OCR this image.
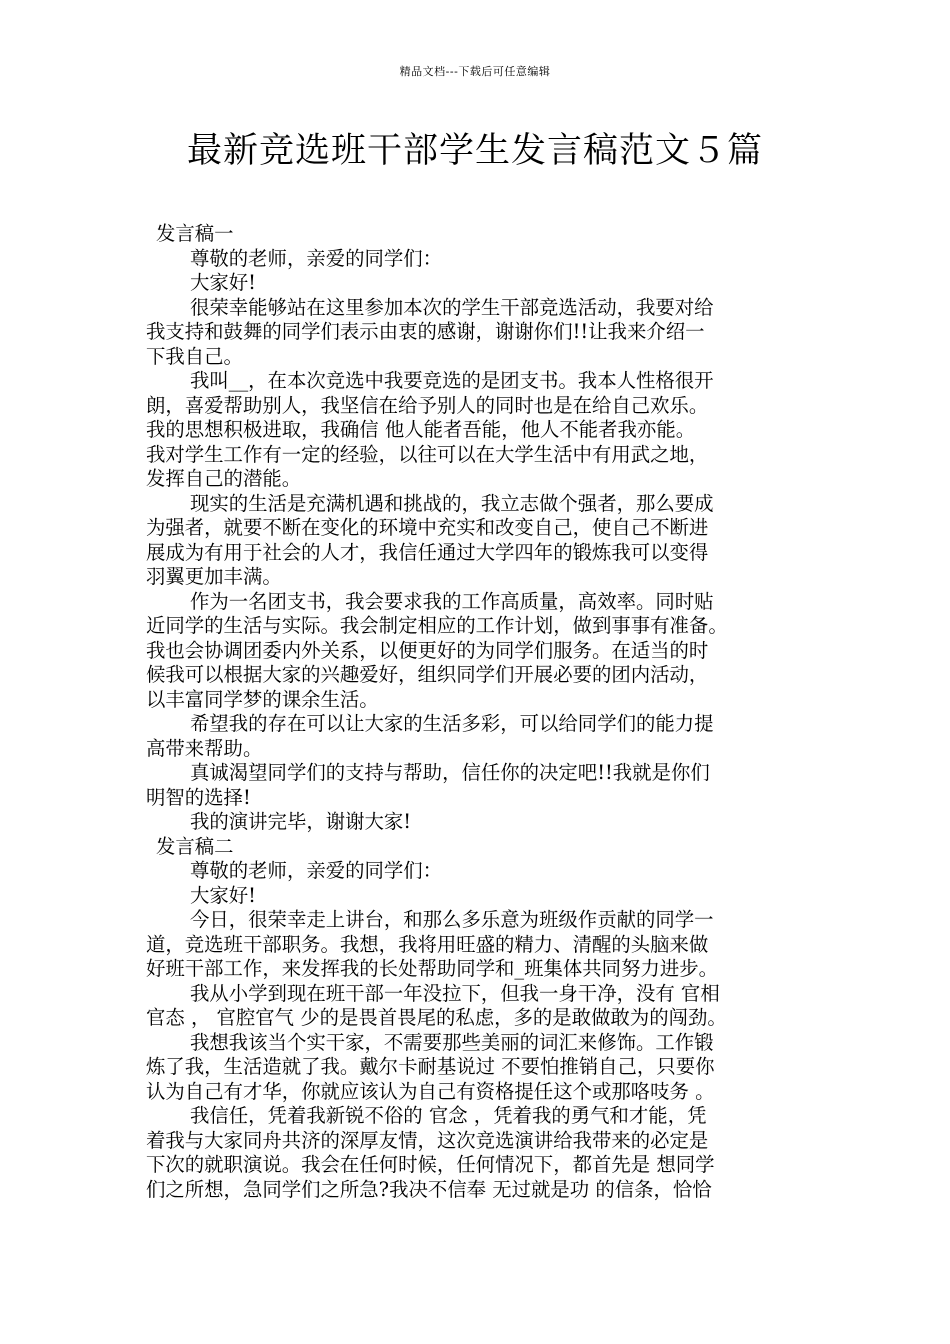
精品文档---下载后可任意编辑
最新竞选班干部学生发言稿范文５篇

发言稿一

尊敬的老师，亲爱的同学们：

大家好!

很荣幸能够站在这里参加本次的学生干部竞选活动，我要对给

我支持和鼓舞的同学们表示由衷的感谢，谢谢你们!!让我来介绍一

下我自己。

我叫__，在本次竞选中我要竞选的是团支书。我本人性格很开

朗，喜爱帮助别人，我坚信在给予别人的同时也是在给自己欢乐。

我的思想积极进取，我确信 他人能者吾能，他人不能者我亦能。

我对学生工作有一定的经验，以往可以在大学生活中有用武之地，

发挥自己的潜能。

现实的生活是充满机遇和挑战的，我立志做个强者，那么要成

为强者，就要不断在变化的环境中充实和改变自己，使自己不断进

展成为有用于社会的人才，我信任通过大学四年的锻炼我可以变得

羽翼更加丰满。

作为一名团支书，我会要求我的工作高质量，高效率。同时贴

近同学的生活与实际。我会制定相应的工作计划，做到事事有准备。

我也会协调团委内外关系，以便更好的为同学们服务。在适当的时

候我可以根据大家的兴趣爱好，组织同学们开展必要的团内活动，

以丰富同学梦的课余生活。

希望我的存在可以让大家的生活多彩，可以给同学们的能力提

高带来帮助。

真诚渴望同学们的支持与帮助，信任你的决定吧!!我就是你们

明智的选择!

我的演讲完毕，谢谢大家!

发言稿二

尊敬的老师，亲爱的同学们：

大家好!

今日，很荣幸走上讲台，和那么多乐意为班级作贡献的同学一

道，竞选班干部职务。我想，我将用旺盛的精力、清醒的头脑来做

好班干部工作，来发挥我的长处帮助同学和_班集体共同努力进步。

我从小学到现在班干部一年没拉下，但我一身干净，没有 官相

官态 ， 官腔官气 少的是畏首畏尾的私虑，多的是敢做敢为的闯劲。

我想我该当个实干家，不需要那些美丽的词汇来修饰。工作锻

炼了我，生活造就了我。戴尔卡耐基说过 不要怕推销自己，只要你

认为自己有才华，你就应该认为自己有资格提任这个或那咯吱务 。

我信任，凭着我新锐不俗的 官念 ，凭着我的勇气和才能，凭

着我与大家同舟共济的深厚友情，这次竞选演讲给我带来的必定是

下次的就职演说。我会在任何时候，任何情况下，都首先是 想同学

们之所想，急同学们之所急?我决不信奉 无过就是功 的信条，恰恰
